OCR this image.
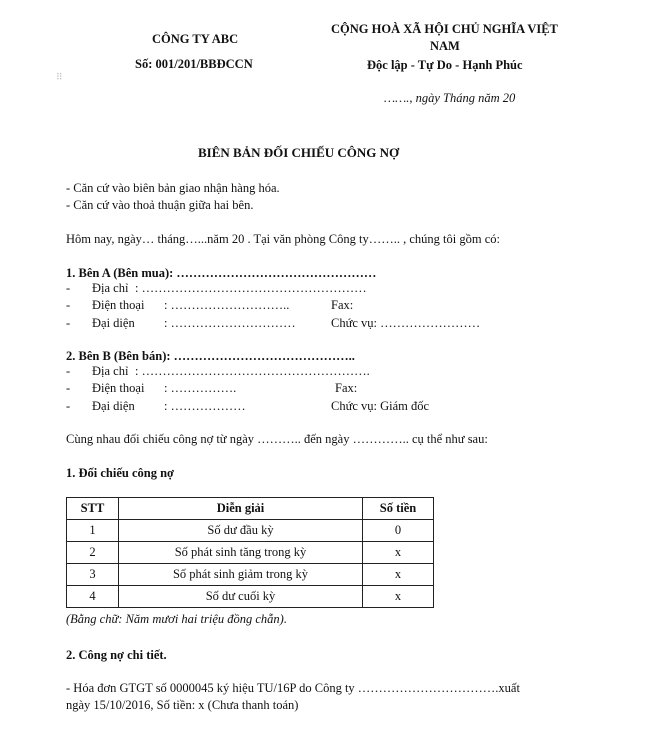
CÔNG TY ABC
Số: 001/201/BBĐCCN
CỘNG HOÀ XÃ HỘI CHỦ NGHĨA VIỆT
NAM
Độc lập - Tự Do - Hạnh Phúc
⠿
……., ngày Tháng năm 20
BIÊN BẢN ĐỐI CHIẾU CÔNG NỢ
- Căn cứ vào biên bản giao nhận hàng hóa.
- Căn cứ vào thoả thuận giữa hai bên.
Hôm nay, ngày… tháng…...năm 20 . Tại văn phòng Công ty…….. , chúng tôi gồm có:
1. Bên A (Bên mua): …………………………………………
- Địa chỉ : ………………………………………………
- Điện thoại : ………………………..	Fax:
- Đại diện : …………………………	Chức vụ: ……………………
2. Bên B (Bên bán): ……………………………………..
- Địa chỉ : ……………………………………………….
- Điện thoại : …………….	Fax:
- Đại diện : ………………	Chức vụ: Giám đốc
Cùng nhau đối chiếu công nợ từ ngày ……….. đến ngày ………….. cụ thể như sau:
1. Đối chiếu công nợ
STT	Diễn giải	Số tiền
1	Số dư đầu kỳ	0
2	Số phát sinh tăng trong kỳ	x
3	Số phát sinh giảm trong kỳ	x
4	Số dư cuối kỳ	x
(Bằng chữ: Năm mươi hai triệu đồng chẵn).
2. Công nợ chi tiết.
- Hóa đơn GTGT số 0000045 ký hiệu TU/16P do Công ty …………………………….xuất
ngày 15/10/2016, Số tiền: x (Chưa thanh toán)
